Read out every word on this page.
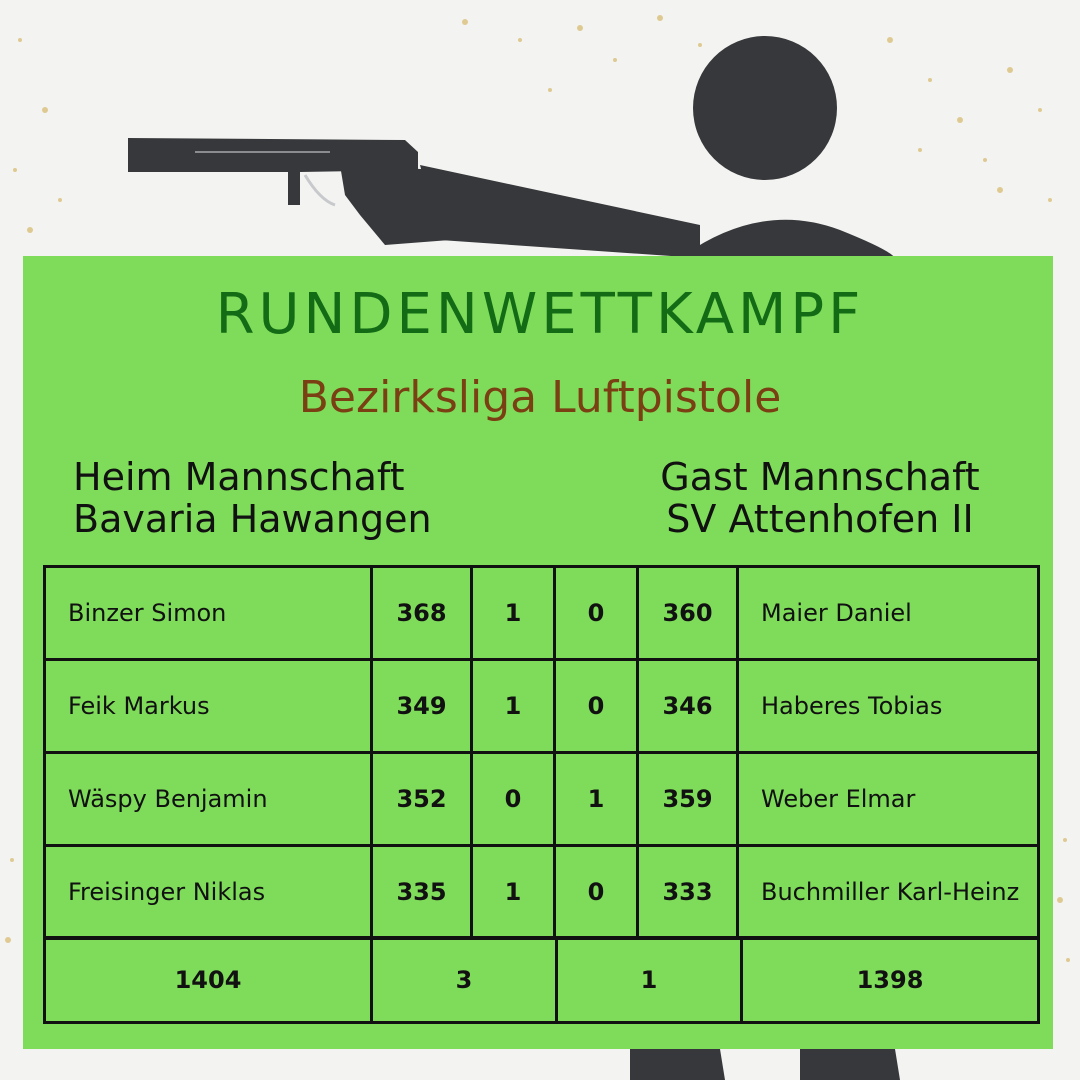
RUNDENWETTKAMPF
Bezirksliga Luftpistole
Heim Mannschaft
Bavaria Hawangen
Gast Mannschaft
SV Attenhofen II
Binzer Simon	368	1	0	360	Maier Daniel
Feik Markus	349	1	0	346	Haberes Tobias
Wäspy Benjamin	352	0	1	359	Weber Elmar
Freisinger Niklas	335	1	0	333	Buchmiller Karl-Heinz
1404	3	1	1398
